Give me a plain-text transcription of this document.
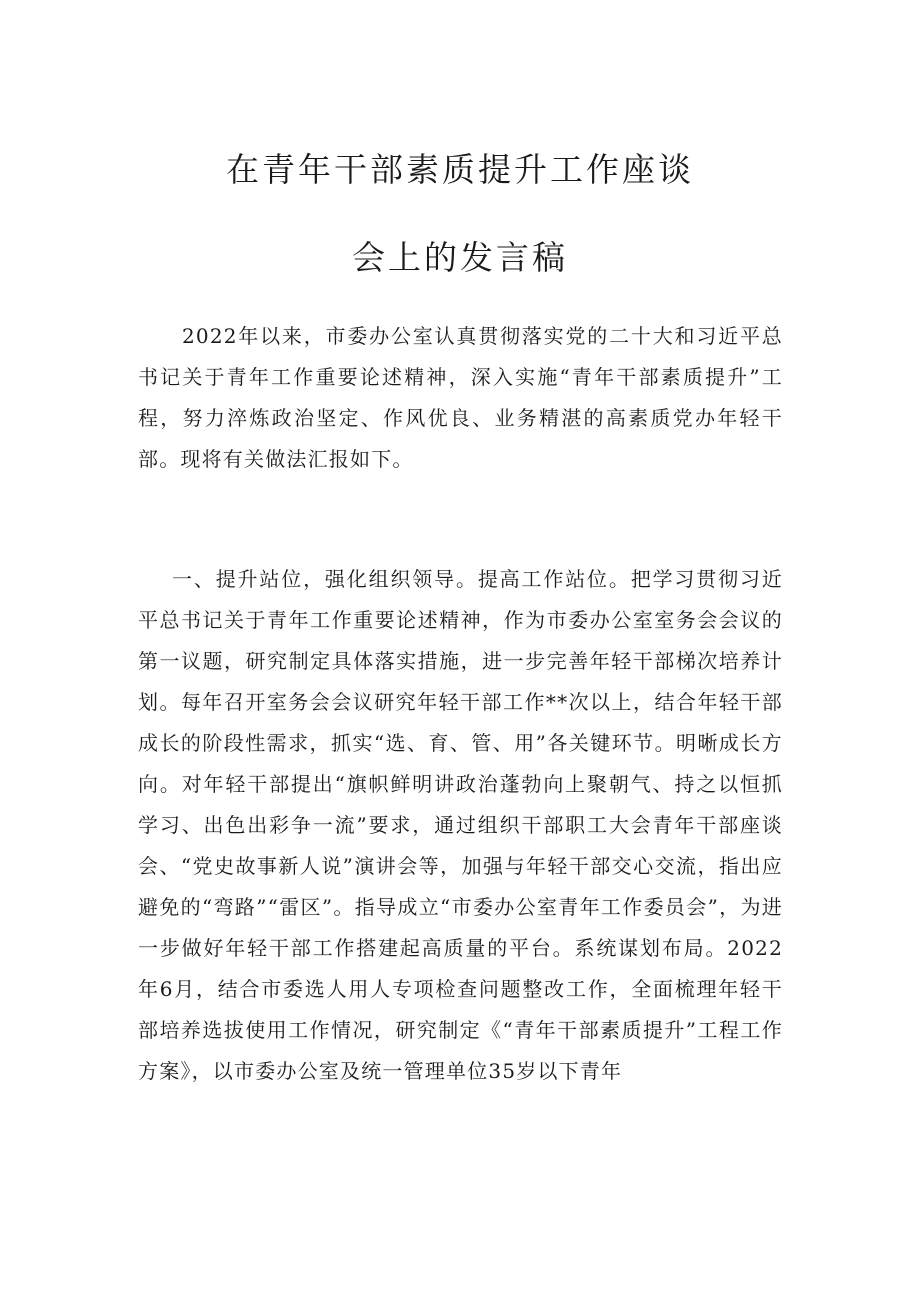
在青年干部素质提升工作座谈
会上的发言稿

2022年以来，市委办公室认真贯彻落实党的二十大和习近平总书记关于青年工作重要论述精神，深入实施“青年干部素质提升”工程，努力淬炼政治坚定、作风优良、业务精湛的高素质党办年轻干部。现将有关做法汇报如下。

一、提升站位，强化组织领导。提高工作站位。把学习贯彻习近平总书记关于青年工作重要论述精神，作为市委办公室室务会会议的第一议题，研究制定具体落实措施，进一步完善年轻干部梯次培养计划。每年召开室务会会议研究年轻干部工作**次以上，结合年轻干部成长的阶段性需求，抓实“选、育、管、用”各关键环节。明晰成长方向。对年轻干部提出“旗帜鲜明讲政治蓬勃向上聚朝气、持之以恒抓学习、出色出彩争一流”要求，通过组织干部职工大会青年干部座谈会、“党史故事新人说”演讲会等，加强与年轻干部交心交流，指出应避免的“弯路”“雷区”。指导成立“市委办公室青年工作委员会”，为进一步做好年轻干部工作搭建起高质量的平台。系统谋划布局。2022年6月，结合市委选人用人专项检查问题整改工作，全面梳理年轻干部培养选拔使用工作情况，研究制定《“青年干部素质提升”工程工作方案》，以市委办公室及统一管理单位35岁以下青年
